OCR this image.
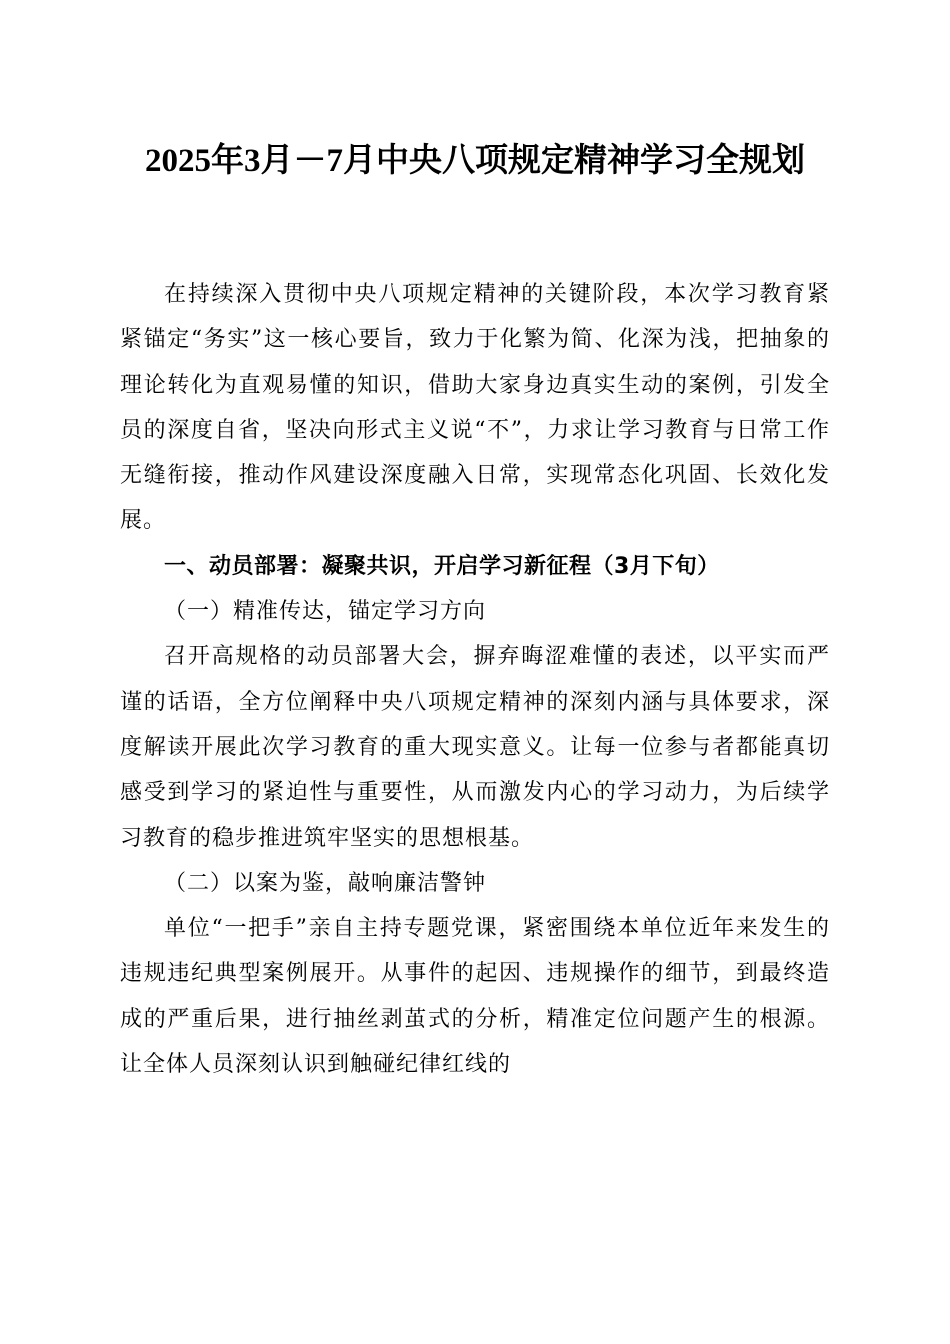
2025年3月－7月中央八项规定精神学习全规划

在持续深入贯彻中央八项规定精神的关键阶段，本次学习教育紧紧锚定“务实”这一核心要旨，致力于化繁为简、化深为浅，把抽象的理论转化为直观易懂的知识，借助大家身边真实生动的案例，引发全员的深度自省，坚决向形式主义说“不”，力求让学习教育与日常工作无缝衔接，推动作风建设深度融入日常，实现常态化巩固、长效化发展。

一、动员部署：凝聚共识，开启学习新征程（3月下旬）

（一）精准传达，锚定学习方向

召开高规格的动员部署大会，摒弃晦涩难懂的表述，以平实而严谨的话语，全方位阐释中央八项规定精神的深刻内涵与具体要求，深度解读开展此次学习教育的重大现实意义。让每一位参与者都能真切感受到学习的紧迫性与重要性，从而激发内心的学习动力，为后续学习教育的稳步推进筑牢坚实的思想根基。

（二）以案为鉴，敲响廉洁警钟

单位“一把手”亲自主持专题党课，紧密围绕本单位近年来发生的违规违纪典型案例展开。从事件的起因、违规操作的细节，到最终造成的严重后果，进行抽丝剥茧式的分析，精准定位问题产生的根源。让全体人员深刻认识到触碰纪律红线的
